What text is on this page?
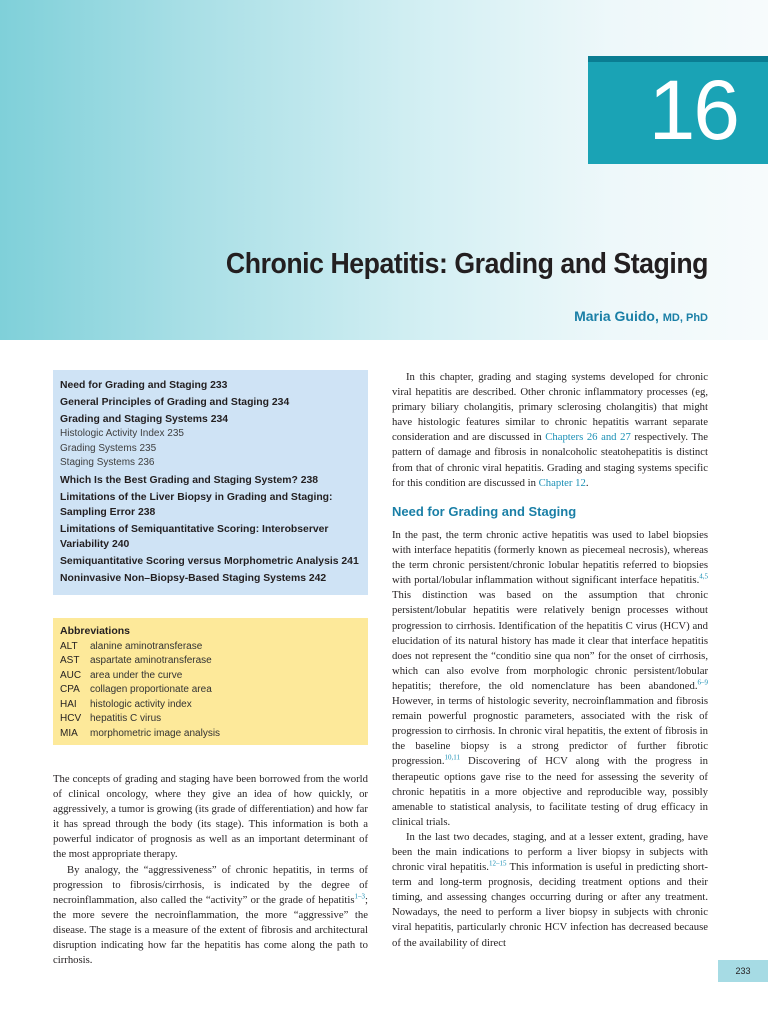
16
Chronic Hepatitis: Grading and Staging
Maria Guido, MD, PhD
Need for Grading and Staging 233
General Principles of Grading and Staging 234
Grading and Staging Systems 234
Histologic Activity Index 235
Grading Systems 235
Staging Systems 236
Which Is the Best Grading and Staging System? 238
Limitations of the Liver Biopsy in Grading and Staging: Sampling Error 238
Limitations of Semiquantitative Scoring: Interobserver Variability 240
Semiquantitative Scoring versus Morphometric Analysis 241
Noninvasive Non–Biopsy-Based Staging Systems 242
Abbreviations
ALT	alanine aminotransferase
AST	aspartate aminotransferase
AUC area under the curve
CPA	collagen proportionate area
HAI	histologic activity index
HCV hepatitis C virus
MIA	morphometric image analysis

The concepts of grading and staging have been borrowed from the world of clinical oncology, where they give an idea of how quickly, or aggressively, a tumor is growing (its grade of differentiation) and how far it has spread through the body (its stage). This information is both a powerful indicator of prognosis as well as an important determinant of the most appropriate therapy.

By analogy, the “aggressiveness” of chronic hepatitis, in terms of progression to fibrosis/cirrhosis, is indicated by the degree of necroinflammation, also called the “activity” or the grade of hepatitis$^{1-3}$; the more severe the necroinflammation, the more “aggressive” the disease. The stage is a measure of the extent of fibrosis and architectural disruption indicating how far the hepatitis has come along the path to cirrhosis.

In this chapter, grading and staging systems developed for chronic viral hepatitis are described. Other chronic inflammatory processes (eg, primary biliary cholangitis, primary sclerosing cholangitis) that might have histologic features similar to chronic hepatitis warrant separate consideration and are discussed in Chapters 26 and 27 respectively. The pattern of damage and fibrosis in nonalcoholic steatohepatitis is distinct from that of chronic viral hepatitis. Grading and staging systems specific for this condition are discussed in Chapter 12.

Need for Grading and Staging

In the past, the term chronic active hepatitis was used to label biopsies with interface hepatitis (formerly known as piecemeal necrosis), whereas the term chronic persistent/chronic lobular hepatitis referred to biopsies with portal/lobular inflammation without significant interface hepatitis.$^{4,5}$ This distinction was based on the assumption that chronic persistent/lobular hepatitis were relatively benign processes without progression to cirrhosis. Identification of the hepatitis C virus (HCV) and elucidation of its natural history has made it clear that interface hepatitis does not represent the “conditio sine qua non” for the onset of cirrhosis, which can also evolve from morphologic chronic persistent/lobular hepatitis; therefore, the old nomenclature has been abandoned.$^{6-9}$ However, in terms of histologic severity, necroinflammation and fibrosis remain powerful prognostic parameters, associated with the risk of progression to cirrhosis. In chronic viral hepatitis, the extent of fibrosis in the baseline biopsy is a strong predictor of further fibrotic progression.$^{10,11}$ Discovering of HCV along with the progress in therapeutic options gave rise to the need for assessing the severity of chronic hepatitis in a more objective and reproducible way, possibly amenable to statistical analysis, to facilitate testing of drug efficacy in clinical trials.

In the last two decades, staging, and at a lesser extent, grading, have been the main indications to perform a liver biopsy in subjects with chronic viral hepatitis.$^{12-15}$ This information is useful in predicting short-term and long-term prognosis, deciding treatment options and their timing, and assessing changes occurring during or after any treatment. Nowadays, the need to perform a liver biopsy in subjects with chronic viral hepatitis, particularly chronic HCV infection has decreased because of the availability of direct

233
